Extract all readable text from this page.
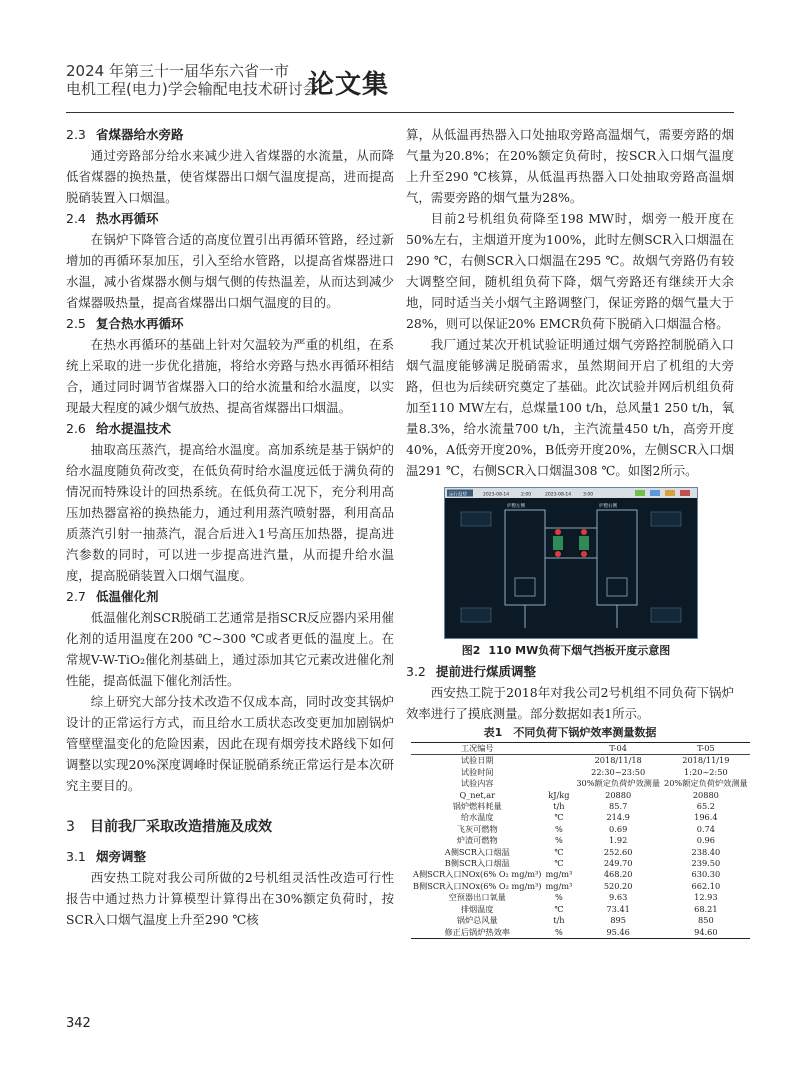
2024 年第三十一届华东六省一市
电机工程(电力)学会输配电技术研讨会
论文集
2.3 省煤器给水旁路

通过旁路部分给水来减少进入省煤器的水流量，从而降低省煤器的换热量，使省煤器出口烟气温度提高，进而提高脱硝装置入口烟温。

2.4 热水再循环

在锅炉下降管合适的高度位置引出再循环管路，经过新增加的再循环泵加压，引入至给水管路，以提高省煤器进口水温，减小省煤器水侧与烟气侧的传热温差，从而达到减少省煤器吸热量，提高省煤器出口烟气温度的目的。

2.5 复合热水再循环

在热水再循环的基础上针对欠温较为严重的机组，在系统上采取的进一步优化措施，将给水旁路与热水再循环相结合，通过同时调节省煤器入口的给水流量和给水温度，以实现最大程度的减少烟气放热、提高省煤器出口烟温。

2.6 给水提温技术

抽取高压蒸汽，提高给水温度。高加系统是基于锅炉的给水温度随负荷改变，在低负荷时给水温度远低于满负荷的情况而特殊设计的回热系统。在低负荷工况下，充分利用高压加热器富裕的换热能力，通过利用蒸汽喷射器，利用高品质蒸汽引射一抽蒸汽，混合后进入1号高压加热器，提高进汽参数的同时，可以进一步提高进汽量，从而提升给水温度，提高脱硝装置入口烟气温度。

2.7 低温催化剂

低温催化剂SCR脱硝工艺通常是指SCR反应器内采用催化剂的适用温度在200 ℃~300 ℃或者更低的温度上。在常规V-W-TiO₂催化剂基础上，通过添加其它元素改进催化剂性能，提高低温下催化剂活性。

综上研究大部分技术改造不仅成本高，同时改变其锅炉设计的正常运行方式，而且给水工质状态改变更加加剧锅炉管壁壁温变化的危险因素，因此在现有烟旁技术路线下如何调整以实现20%深度调峰时保证脱硝系统正常运行是本次研究主要目的。

3 目前我厂采取改造措施及成效
3.1 烟旁调整

西安热工院对我公司所做的2号机组灵活性改造可行性报告中通过热力计算模型计算得出在30%额定负荷时，按SCR入口烟气温度上升至290 ℃核

算，从低温再热器入口处抽取旁路高温烟气，需要旁路的烟气量为20.8%；在20%额定负荷时，按SCR入口烟气温度上升至290 ℃核算，从低温再热器入口处抽取旁路高温烟气，需要旁路的烟气量为28%。

目前2号机组负荷降至198 MW时，烟旁一般开度在50%左右，主烟道开度为100%，此时左侧SCR入口烟温在290 ℃，右侧SCR入口烟温在295 ℃。故烟气旁路仍有较大调整空间，随机组负荷下降，烟气旁路还有继续开大余地，同时适当关小烟气主路调整门，保证旁路的烟气量大于28%，则可以保证20% EMCR负荷下脱硝入口烟温合格。

我厂通过某次开机试验证明通过烟气旁路控制脱硝入口烟气温度能够满足脱硝需求，虽然期间开启了机组的大旁路，但也为后续研究奠定了基础。此次试验并网后机组负荷加至110 MW左右，总煤量100 t/h，总风量1 250 t/h，氧量8.3%，给水流量700 t/h，主汽流量450 t/h，高旁开度40%，A低旁开度20%，B低旁开度20%，左侧SCR入口烟温291 ℃，右侧SCR入口烟温308 ℃。如图2所示。

运行趋势	2023-08-14	2:00	2023-08-14	3:00
炉膛左侧	炉膛右侧
图2 110 MW负荷下烟气挡板开度示意图
3.2 提前进行煤质调整

西安热工院于2018年对我公司2号机组不同负荷下锅炉效率进行了摸底测量。部分数据如表1所示。

表1　不同负荷下锅炉效率测量数据
工况编号		T-04	T-05
试验日期		2018/11/18	2018/11/19
试验时间		22:30~23:50	1:20~2:50
试验内容		30%额定负荷炉效测量	20%额定负荷炉效测量
Q_net,ar	kJ/kg	20880	20880
锅炉燃料耗量	t/h	85.7	65.2
给水温度	℃	214.9	196.4
飞灰可燃物	%	0.69	0.74
炉渣可燃物	%	1.92	0.96
A侧SCR入口烟温	℃	252.60	238.40
B侧SCR入口烟温	℃	249.70	239.50
A侧SCR入口NOx(6% O₂ mg/m³)	mg/m³	468.20	630.30
B侧SCR入口NOx(6% O₂ mg/m³)	mg/m³	520.20	662.10
空预器出口氧量	%	9.63	12.93
排烟温度	℃	73.41	68.21
锅炉总风量	t/h	895	850
修正后锅炉热效率	%	95.46	94.60
342
